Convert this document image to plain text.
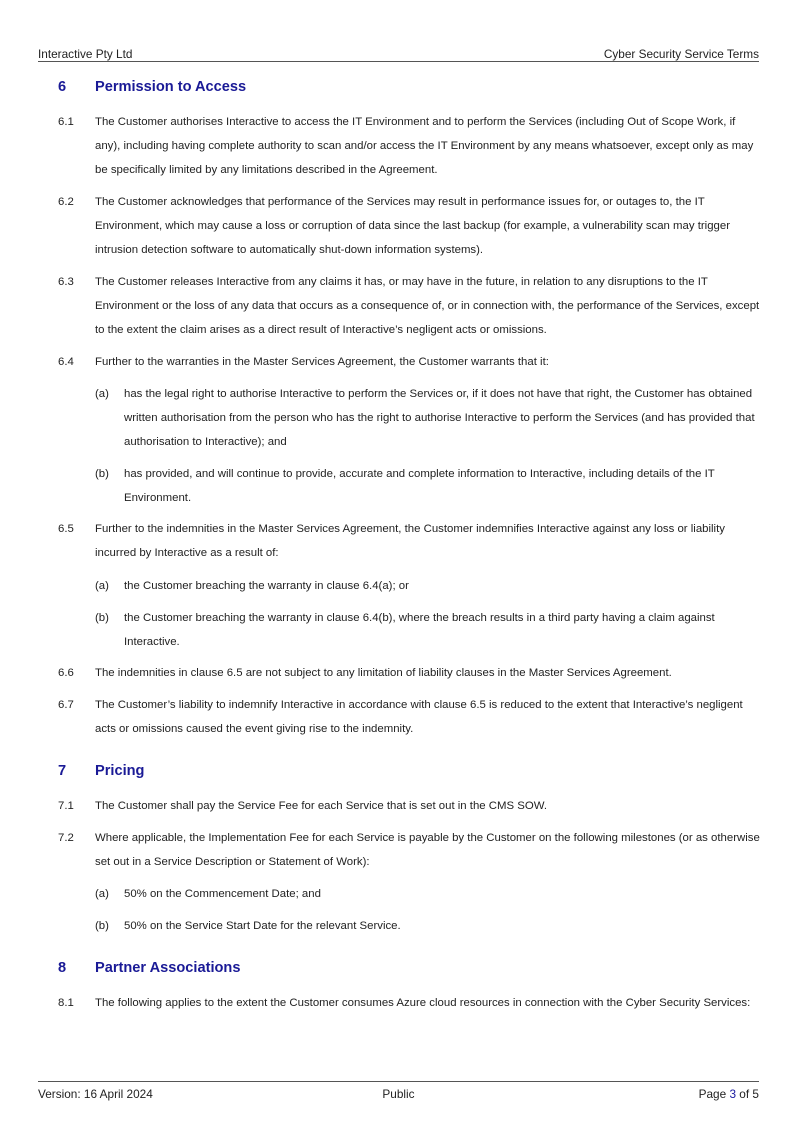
Interactive Pty Ltd	Cyber Security Service Terms
6	Permission to Access
6.1 The Customer authorises Interactive to access the IT Environment and to perform the Services (including Out of Scope Work, if any), including having complete authority to scan and/or access the IT Environment by any means whatsoever, except only as may be specifically limited by any limitations described in the Agreement.
6.2 The Customer acknowledges that performance of the Services may result in performance issues for, or outages to, the IT Environment, which may cause a loss or corruption of data since the last backup (for example, a vulnerability scan may trigger intrusion detection software to automatically shut-down information systems).
6.3 The Customer releases Interactive from any claims it has, or may have in the future, in relation to any disruptions to the IT Environment or the loss of any data that occurs as a consequence of, or in connection with, the performance of the Services, except to the extent the claim arises as a direct result of Interactive’s negligent acts or omissions.
6.4 Further to the warranties in the Master Services Agreement, the Customer warrants that it:
(a) has the legal right to authorise Interactive to perform the Services or, if it does not have that right, the Customer has obtained written authorisation from the person who has the right to authorise Interactive to perform the Services (and has provided that authorisation to Interactive); and
(b) has provided, and will continue to provide, accurate and complete information to Interactive, including details of the IT Environment.
6.5 Further to the indemnities in the Master Services Agreement, the Customer indemnifies Interactive against any loss or liability incurred by Interactive as a result of:
(a) the Customer breaching the warranty in clause 6.4(a); or
(b) the Customer breaching the warranty in clause 6.4(b), where the breach results in a third party having a claim against Interactive.
6.6 The indemnities in clause 6.5 are not subject to any limitation of liability clauses in the Master Services Agreement.
6.7 The Customer’s liability to indemnify Interactive in accordance with clause 6.5 is reduced to the extent that Interactive’s negligent acts or omissions caused the event giving rise to the indemnity.
7	Pricing
7.1 The Customer shall pay the Service Fee for each Service that is set out in the CMS SOW.
7.2 Where applicable, the Implementation Fee for each Service is payable by the Customer on the following milestones (or as otherwise set out in a Service Description or Statement of Work):
(a) 50% on the Commencement Date; and
(b) 50% on the Service Start Date for the relevant Service.
8	Partner Associations
8.1 The following applies to the extent the Customer consumes Azure cloud resources in connection with the Cyber Security Services:
Version: 16 April 2024	Public	Page 3 of 5
